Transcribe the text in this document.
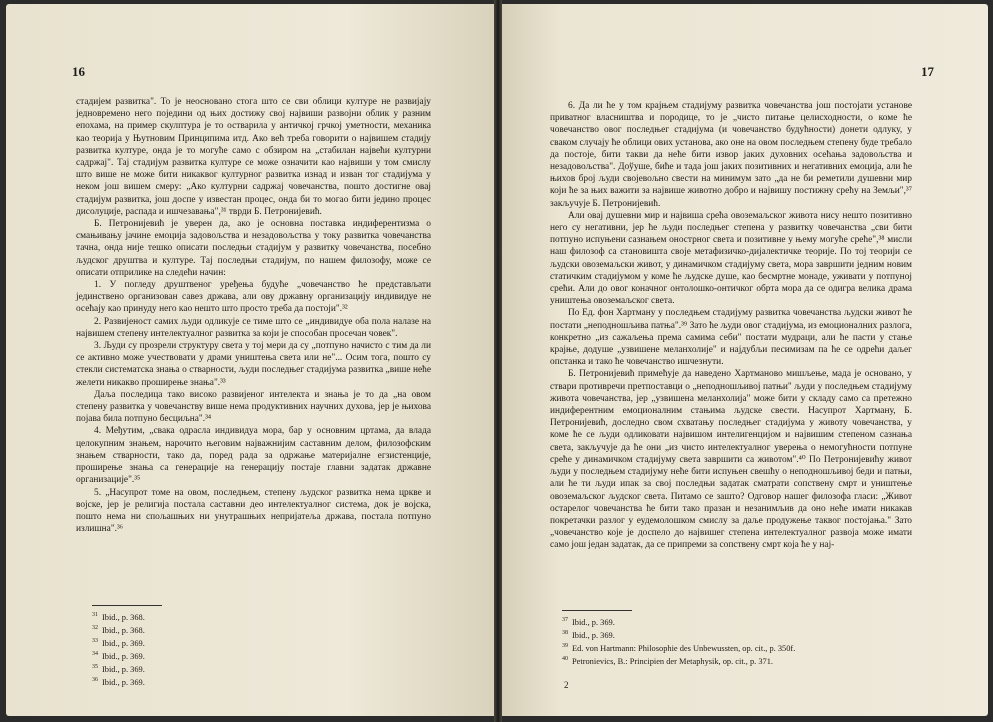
16

стадијем развитка". То је неосновано стога што се сви облици културе не развијају једновремено него поједини од њих достижу свој највиши развојни облик у разним епохама, на пример скулптура је то остварила у античкој грчкој уметности, механика као теорија у Њутновим Принципима итд. Ако већ треба говорити о највишем стадију развитка културе, онда је то могуће само с обзиром на „стабилан највећи културни садржај". Тај стадијум развитка културе се може означити као највиши у том смислу што више не може бити никаквог културног развитка изнад и изван тог стадијума у неком још вишем смеру: „Ако културни садржај човечанства, пошто достигне овај стадијум развитка, још доспе у известан процес, онда би то могао бити једино процес дисолуције, распада и ишчезавања",³¹ тврди Б. Петронијевић.

Б. Петронијевић је уверен да, ако је основна поставка индиферентизма о смањивању јачине емоција задовољства и незадовољства у току развитка човечанства тачна, онда није тешко описати последњи стадијум у развитку човечанства, посебно људског друштва и културе. Тај последњи стадијум, по нашем филозофу, може се описати отприлике на следећи начин:

1. У погледу друштвеног уређења будуће „човечанство ће представљати јединствено организован савез држава, али ову државну организацију индивидуе не осећају као принуду него као нешто што просто треба да постоји".³²

2. Развијеност самих људи одликује се тиме што се „индивидуе оба пола налазе на највишем степену интелектуалног развитка за који је способан просечан човек".

3. Људи су прозрели структуру света у тој мери да су „потпуно начисто с тим да ли се активно може учествовати у драми уништења света или не"... Осим тога, пошто су стекли систематска знања о стварности, људи последњег стадијума развитка „више неће желети никакво проширење знања".³³

Даља последица тако високо развијеног интелекта и знања је то да „на овом степену развитка у човечанству више нема продуктивних научних духова, јер је њихова појава била потпуно бесциљна".³⁴

4. Међутим, „свака одрасла индивидуа мора, бар у основним цртама, да влада целокупним знањем, нарочито његовим најважнијим саставним делом, филозофским знањем стварности, тако да, поред рада за одржање материјалне егзистенције, проширење знања са генерације на генерацију постаје главни задатак државне организације".³⁵

5. „Насупрот томе на овом, последњем, степену људског развитка нема цркве и војске, јер је религија постала саставни део интелектуалног система, док је војска, пошто нема ни спољашњих ни унутрашњих непријатеља држава, постала потпуно излишна".³⁶

$^{31}$ Ibid., p. 368.
$^{32}$ Ibid., p. 368.
$^{33}$ Ibid., p. 369.
$^{34}$ Ibid., p. 369.
$^{35}$ Ibid., p. 369.
$^{36}$ Ibid., p. 369.
17

6. Да ли ће у том крајњем стадијуму развитка човечанства још постојати установе приватног власништва и породице, то је „чисто питање целисходности, о коме ће човечанство овог последњег стадијума (и човечанство будућности) донети одлуку, у сваком случају ће облици ових установа, ако оне на овом последњем степену буде требало да постоје, бити такви да неће бити извор јаких духовних осећања задовољства и незадовољства". Доўуше, биће и тада још јаких позитивних и негативних емоција, али ће њихов број људи својевољно свести на минимум зато „да не би реметили душевни мир који ће за њих важити за највише животно добро и највишу постижну срећу на Земљи",³⁷ закључује Б. Петронијевић.

Али овај душевни мир и највиша срећа овоземаљског живота нису нешто позитивно него су негативни, јер ће људи последњег степена у развитку човечанства „сви бити потпуно испуњени сазнањем онострног света и позитивне у њему могуће среће",³⁸ мисли наш филозоф са становишта своје метафизичко-дијалектичке теорије. По тој теорији се људски овоземаљски живот, у динамичком стадијуму света, мора завршити једним новим статичким стадијумом у коме ће људске душе, као бесмртне монаде, уживати у потпуној срећи. Али до овог коначног онтолошко-онтичког обрта мора да се одигра велика драма уништења овоземаљског света.

По Ед. фон Хартману у последњем стадијуму развитка човечанства људски живот ће постати „неподношљива патња".³⁹ Зато ће људи овог стадијума, из емоционалних разлога, конкретно „из сажаљења према самима себи" постати мудраци, али ће пасти у стање крајње, додуше „узвишене меланхолије" и најдубљи песимизам па ће се одрећи даљег опстанка и тако ће човечанство ишчезнути.

Б. Петронијевић примећује да наведено Хартманово мишљење, мада је основано, у ствари противречи претпоставци о „неподношљивој патњи" људи у последњем стадијуму живота човечанства, јер „узвишена меланхолија" може бити у складу само са претежно индиферентним емоционалним стањима људске свести. Насупрот Хартману, Б. Петронијевић, доследно свом схватању последњег стадијума у животу човечанства, у коме ће се људи одликовати највишом интелигенцијом и највишим степеном сазнања света, закључује да ће они „из чисто интелектуалног уверења о немогућности потпуне среће у динамичком стадијуму света завршити са животом".⁴⁰ По Петронијевићу живот људи у последњем стадијуму неће бити испуњен свешћу о неподношљивој беди и патњи, али ће ти људи ипак за свој последњи задатак сматрати сопствену смрт и уништење овоземаљског људског света. Питамо се зашто? Одговор нашег филозофа гласи: „Живот остарелог човечанства ће бити тако празан и незанимљив да оно неће имати никакав покретачки разлог у еудемолошком смислу за даље продужење таквог постојања." Зато „човечанство које је доспело до највишег степена интелектуалног развоја може имати само још један задатак, да се припреми за сопствену смрт која ће у нај-

$^{37}$ Ibid., p. 369.
$^{38}$ Ibid., p. 369.
$^{39}$ Ed. von Hartmann: Philosophie des Unbewussten, op. cit., p. 350f.
$^{40}$ Petronievics, B.: Principien der Metaphysik, op. cit., p. 371.
2
